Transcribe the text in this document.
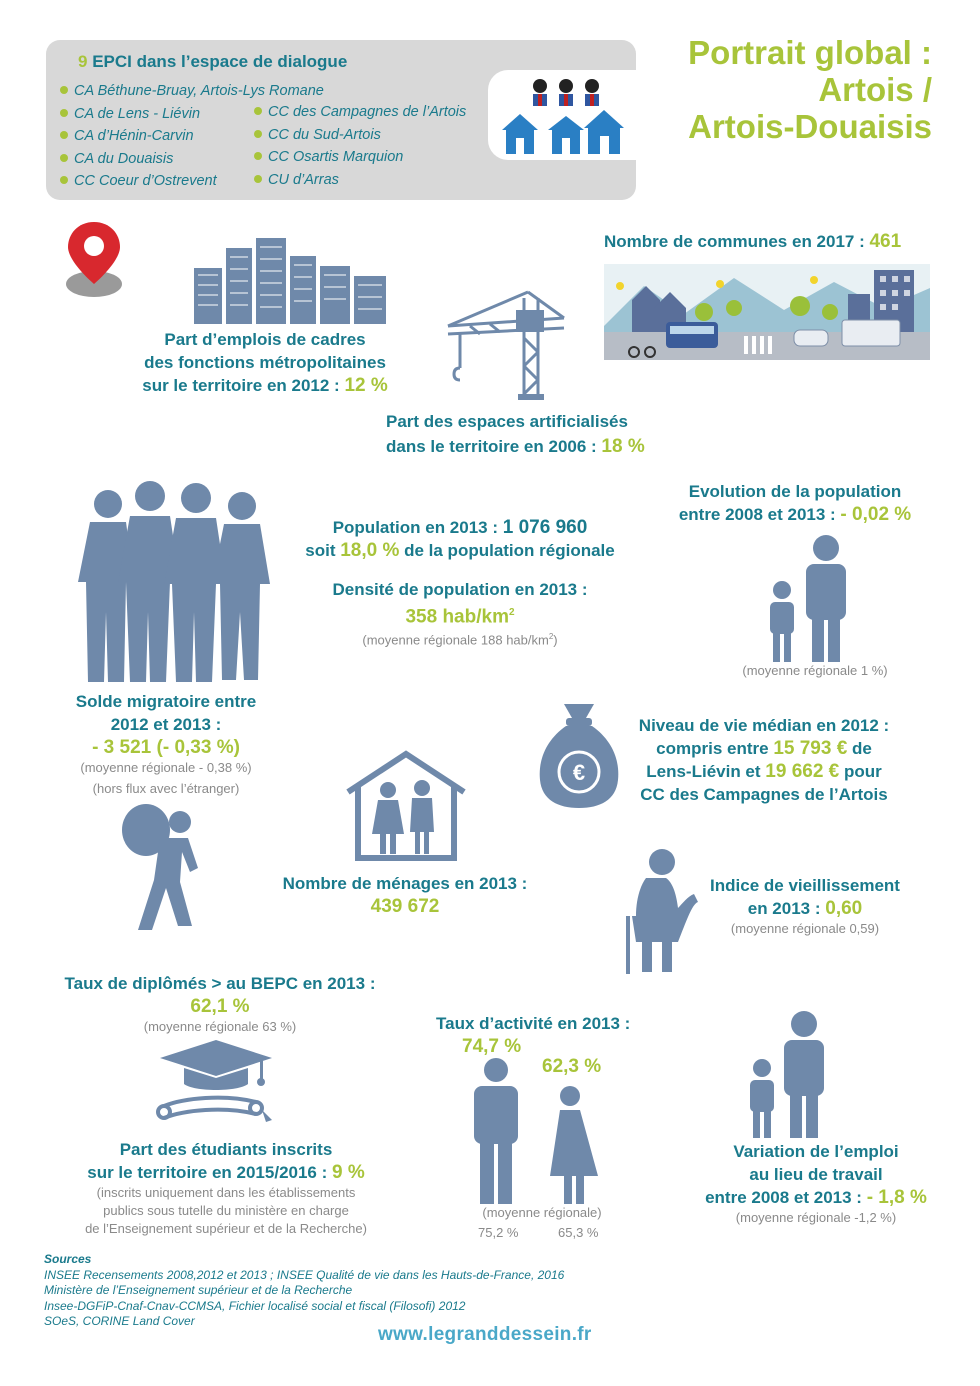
9 EPCI dans l’espace de dialogue
CA Béthune-Bruay, Artois-Lys Romane
CA de Lens - Liévin
CA d’Hénin-Carvin
CA du Douaisis
CC Coeur d’Ostrevent
CC des Campagnes de l’Artois
CC du Sud-Artois
CC Osartis Marquion
CU d’Arras
Portrait global :
Artois /
Artois-Douaisis
Part d’emplois de cadres
des fonctions métropolitaines
sur le territoire en 2012 : 12 %
Part des espaces artificialisés
dans le territoire en 2006 : 18 %
Nombre de communes en 2017 : 461
Population en 2013 : 1 076 960
soit 18,0 % de la population régionale
Densité de population en 2013 :
358 hab/$km^2$
(moyenne régionale 188 hab/$km^2$)
Evolution de la population
entre 2008 et 2013 : - 0,02 %
(moyenne régionale 1 %)
Solde migratoire entre
2012 et 2013 :
- 3 521 (- 0,33 %)
(moyenne régionale - 0,38 %)
(hors flux avec l’étranger)
Nombre de ménages en 2013 :
439 672
€
Niveau de vie médian en 2012 :
compris entre 15 793 € de
Lens-Liévin et 19 662 € pour
CC des Campagnes de l’Artois
Indice de vieillissement
en 2013 : 0,60
(moyenne régionale 0,59)
Taux de diplômés > au BEPC en 2013 :
62,1 %
(moyenne régionale 63 %)
Part des étudiants inscrits
sur le territoire en 2015/2016 : 9 %
(inscrits uniquement dans les établissements
publics sous tutelle du ministère en charge
de l’Enseignement supérieur et de la Recherche)
Taux d’activité en 2013 :
74,7 %
62,3 %
(moyenne régionale)
75,2 %	65,3 %
Variation de l’emploi
au lieu de travail
entre 2008 et 2013 : - 1,8 %
(moyenne régionale -1,2 %)
Sources
INSEE Recensements 2008,2012 et 2013 ; INSEE Qualité de vie dans les Hauts-de-France, 2016
Ministère de l’Enseignement supérieur et de la Recherche
Insee-DGFiP-Cnaf-Cnav-CCMSA, Fichier localisé social et fiscal (Filosofi) 2012
SOeS, CORINE Land Cover
www.legranddessein.fr
